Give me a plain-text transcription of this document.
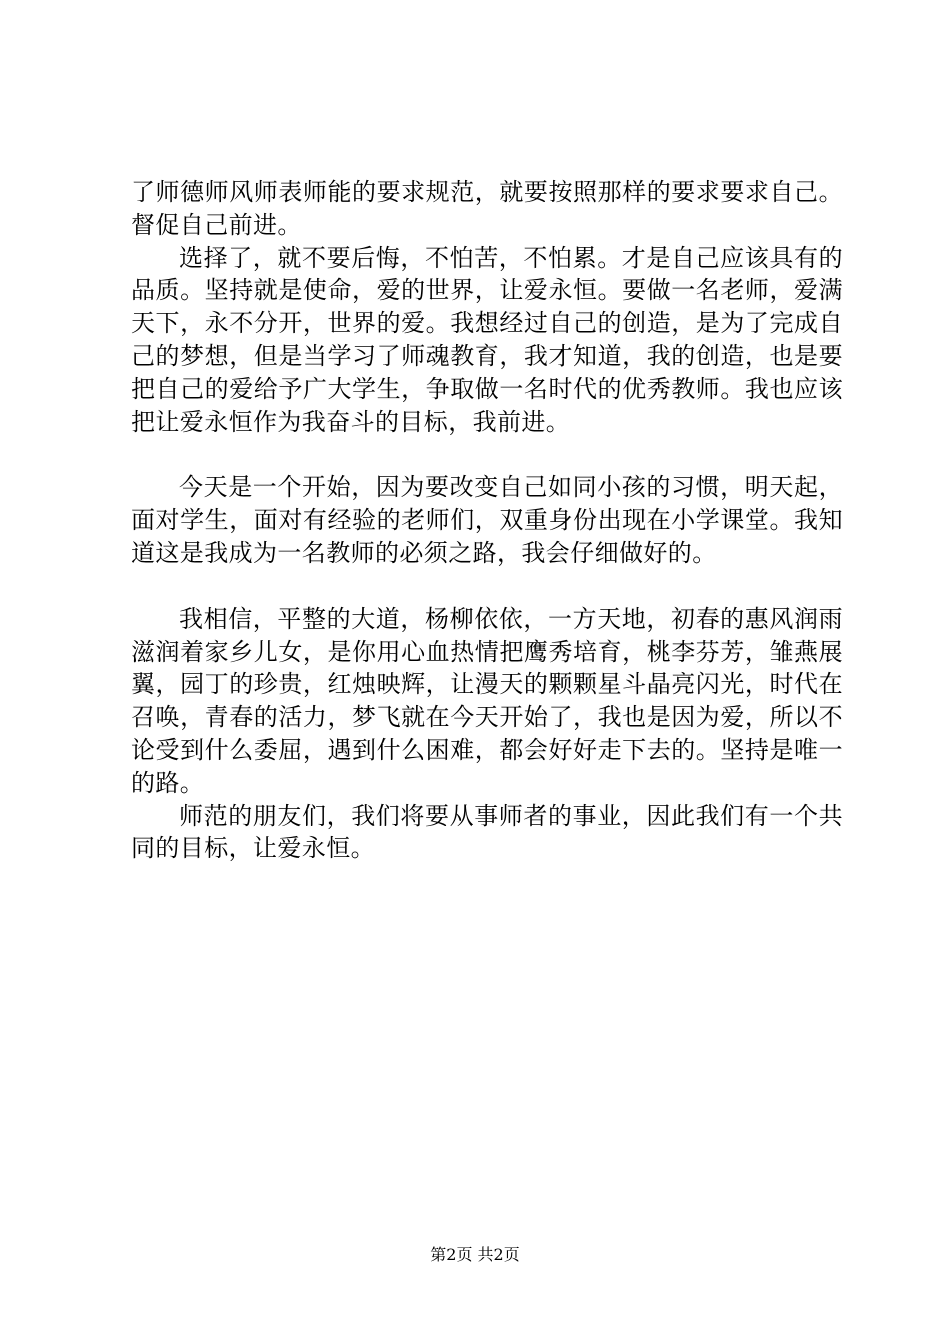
了师德师风师表师能的要求规范，就要按照那样的要求要求自己。督促自己前进。

选择了，就不要后悔，不怕苦，不怕累。才是自己应该具有的品质。坚持就是使命，爱的世界，让爱永恒。要做一名老师，爱满天下，永不分开，世界的爱。我想经过自己的创造，是为了完成自己的梦想，但是当学习了师魂教育，我才知道，我的创造，也是要把自己的爱给予广大学生，争取做一名时代的优秀教师。我也应该把让爱永恒作为我奋斗的目标，我前进。

今天是一个开始，因为要改变自己如同小孩的习惯，明天起，面对学生，面对有经验的老师们，双重身份出现在小学课堂。我知道这是我成为一名教师的必须之路，我会仔细做好的。

我相信，平整的大道，杨柳依依，一方天地，初春的惠风润雨滋润着家乡儿女，是你用心血热情把鹰秀培育，桃李芬芳，雏燕展翼，园丁的珍贵，红烛映辉，让漫天的颗颗星斗晶亮闪光，时代在召唤，青春的活力，梦飞就在今天开始了，我也是因为爱，所以不论受到什么委屈，遇到什么困难，都会好好走下去的。坚持是唯一的路。

师范的朋友们，我们将要从事师者的事业，因此我们有一个共同的目标，让爱永恒。

第2页 共2页
